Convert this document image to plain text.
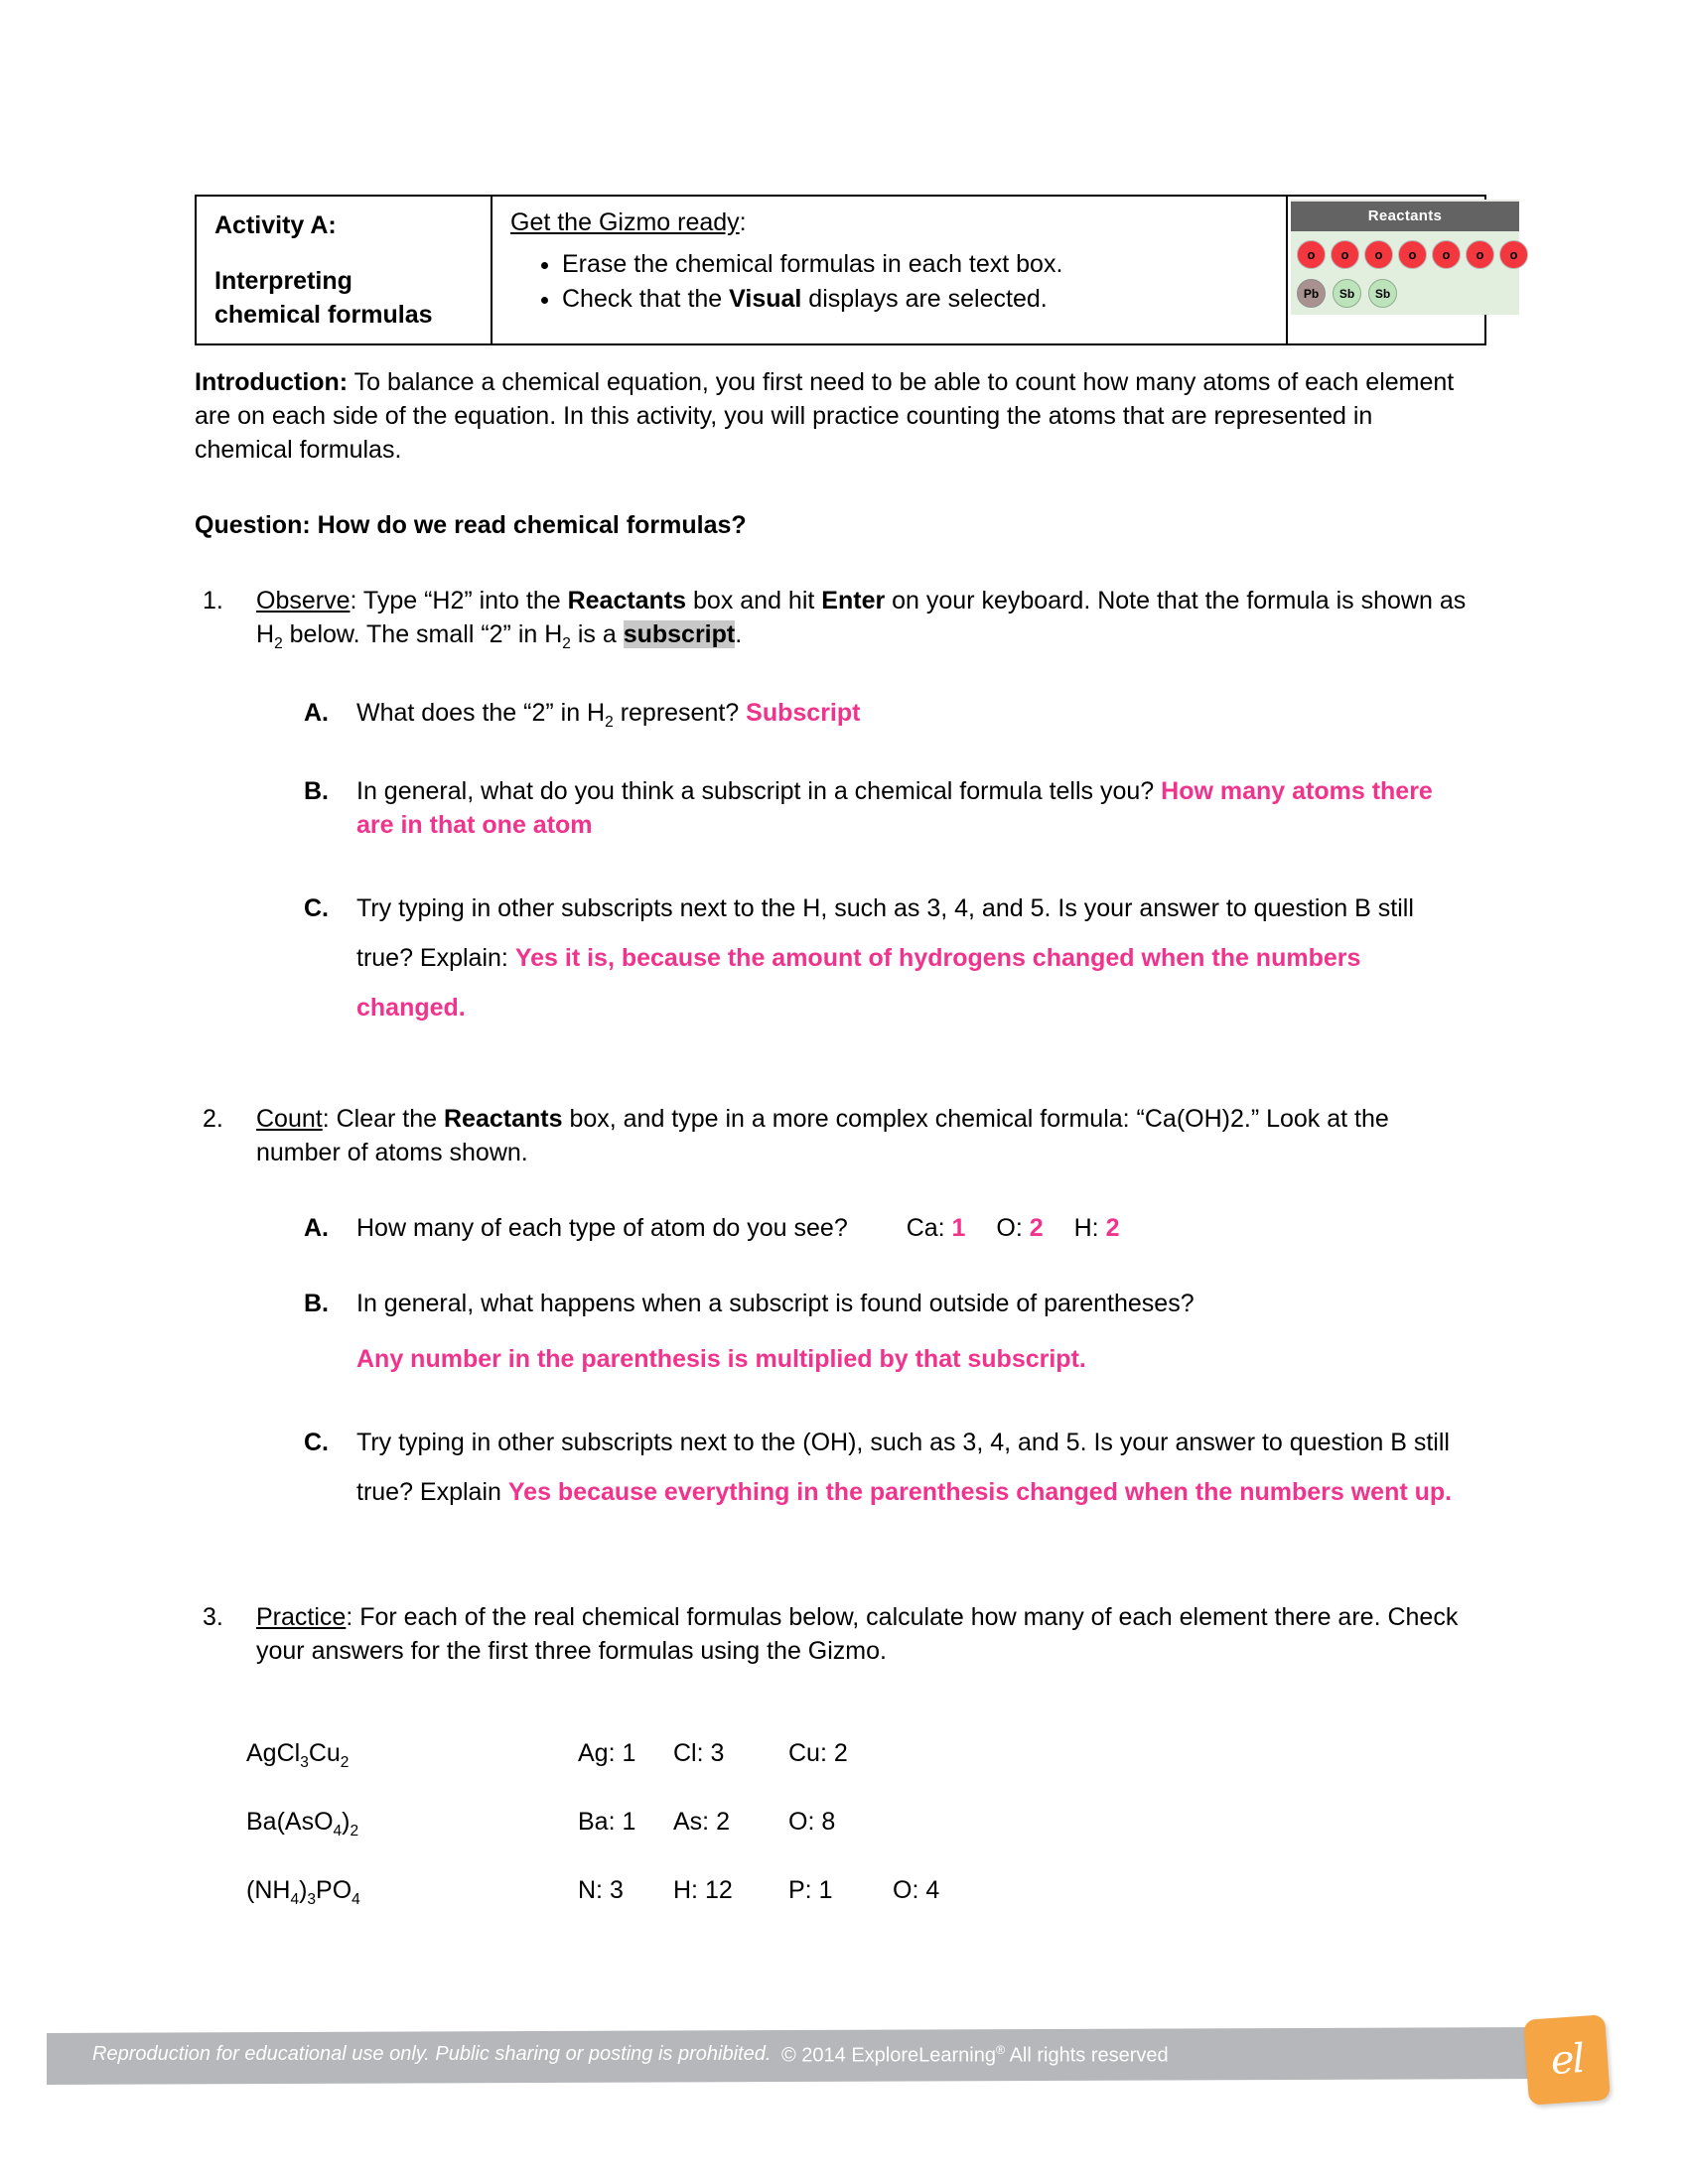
Activity A:
Interpreting
chemical formulas
Get the Gizmo ready:
• Erase the chemical formulas in each text box.
• Check that the Visual displays are selected.
Reactants
o	o	o	o	o	o	o
Pb	Sb	Sb
Introduction: To balance a chemical equation, you first need to be able to count how many atoms of each element are on each side of the equation. In this activity, you will practice counting the atoms that are represented in chemical formulas.
Question: How do we read chemical formulas?
1. Observe: Type “H2” into the Reactants box and hit Enter on your keyboard. Note that the formula is shown as $H_2$ below. The small “2” in $H_2$ is a subscript.
A. What does the “2” in $H_2$ represent? Subscript
B. In general, what do you think a subscript in a chemical formula tells you? How many atoms there are in that one atom
C. Try typing in other subscripts next to the H, such as 3, 4, and 5. Is your answer to question B still true? Explain: Yes it is, because the amount of hydrogens changed when the numbers changed.
2. Count: Clear the Reactants box, and type in a more complex chemical formula: “Ca(OH)2.” Look at the number of atoms shown.
A. How many of each type of atom do you see? Ca: 1 O: 2 H: 2
B. In general, what happens when a subscript is found outside of parentheses?
Any number in the parenthesis is multiplied by that subscript.
C. Try typing in other subscripts next to the (OH), such as 3, 4, and 5. Is your answer to question B still true? Explain Yes because everything in the parenthesis changed when the numbers went up.
3. Practice: For each of the real chemical formulas below, calculate how many of each element there are. Check your answers for the first three formulas using the Gizmo.
$AgCl_3Cu_2$	Ag: 1	Cl: 3	Cu: 2
$Ba(AsO_4)_2$	Ba: 1	As: 2	O: 8
$(NH_4)_3PO_4$	N: 3	H: 12	P: 1	O: 4
Reproduction for educational use only. Public sharing or posting is prohibited. © 2014 ExploreLearning® All rights reserved	el
